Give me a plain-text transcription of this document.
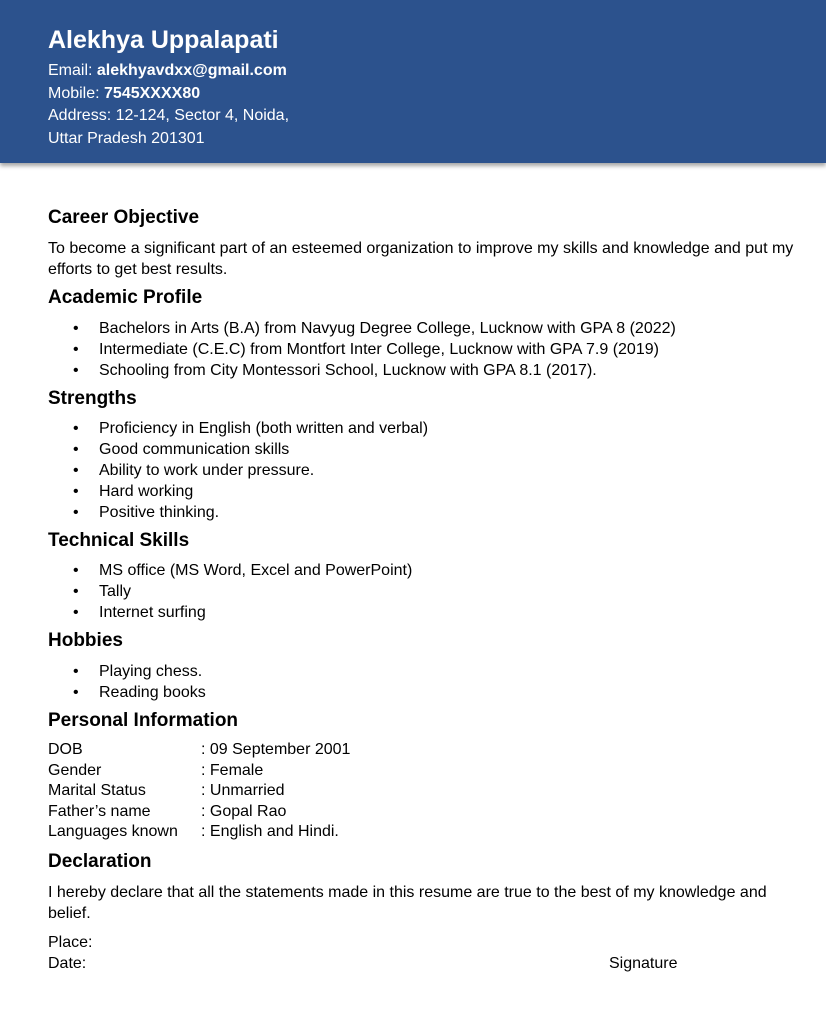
Alekhya Uppalapati
Email: alekhyavdxx@gmail.com
Mobile: 7545XXXX80
Address: 12-124, Sector 4, Noida,
Uttar Pradesh 201301
Career Objective

To become a significant part of an esteemed organization to improve my skills and knowledge and put my efforts to get best results.

Academic Profile
• Bachelors in Arts (B.A) from Navyug Degree College, Lucknow with GPA 8 (2022)
• Intermediate (C.E.C) from Montfort Inter College, Lucknow with GPA 7.9 (2019)
• Schooling from City Montessori School, Lucknow with GPA 8.1 (2017).
Strengths
• Proficiency in English (both written and verbal)
• Good communication skills
• Ability to work under pressure.
• Hard working
• Positive thinking.
Technical Skills
• MS office (MS Word, Excel and PowerPoint)
• Tally
• Internet surfing
Hobbies
• Playing chess.
• Reading books
Personal Information
DOB	: 09 September 2001
Gender	: Female
Marital Status	: Unmarried
Father’s name	: Gopal Rao
Languages known : English and Hindi.
Declaration

I hereby declare that all the statements made in this resume are true to the best of my knowledge and belief.

Place:
Date:	Signature
